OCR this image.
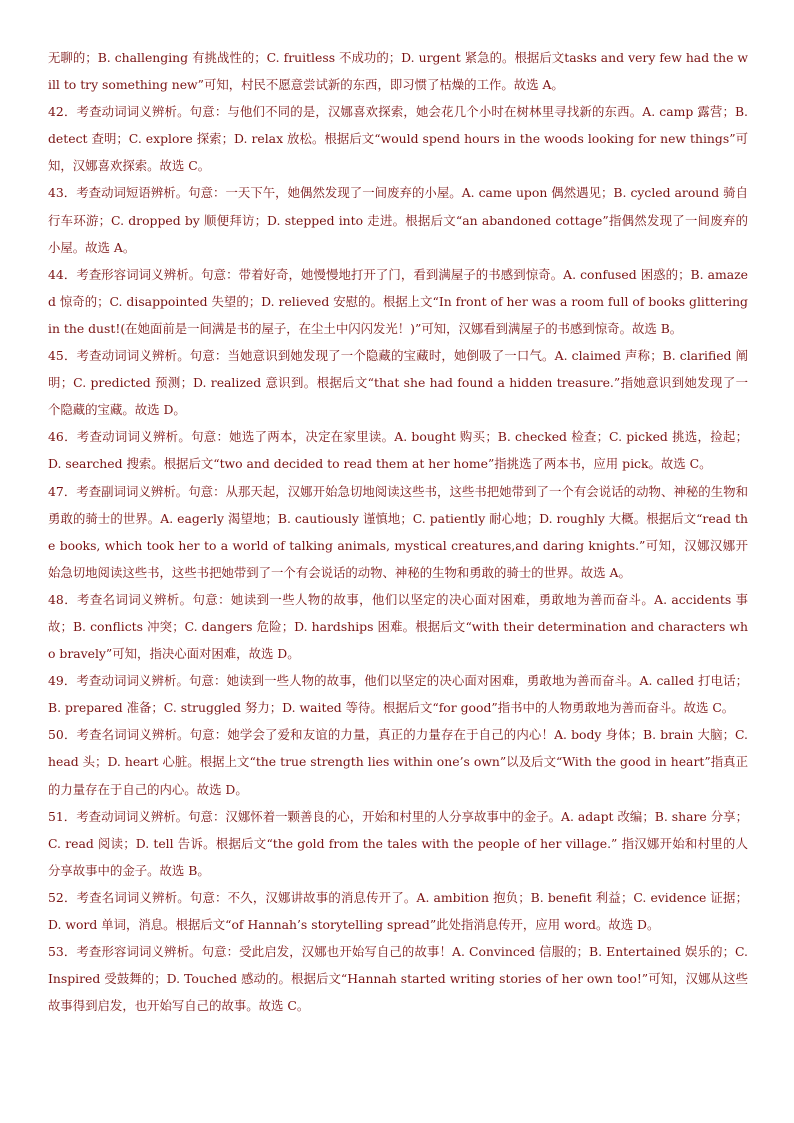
无聊的；B. challenging 有挑战性的；C. fruitless 不成功的；D. urgent 紧急的。根据后文tasks and very few had the will to try something new”可知，村民不愿意尝试新的东西，即习惯了枯燥的工作。故选 A。

42．考查动词词义辨析。句意：与他们不同的是，汉娜喜欢探索，她会花几个小时在树林里寻找新的东西。A. camp 露营；B. detect 查明；C. explore 探索；D. relax 放松。根据后文“would spend hours in the woods looking for new things”可知，汉娜喜欢探索。故选 C。

43．考查动词短语辨析。句意：一天下午，她偶然发现了一间废弃的小屋。A. came upon 偶然遇见；B. cycled around 骑自行车环游；C. dropped by 顺便拜访；D. stepped into 走进。根据后文“an abandoned cottage”指偶然发现了一间废弃的小屋。故选 A。

44．考查形容词词义辨析。句意：带着好奇，她慢慢地打开了门，看到满屋子的书感到惊奇。A. confused 困惑的；B. amazed 惊奇的；C. disappointed 失望的；D. relieved 安慰的。根据上文“In front of her was a room full of books glittering in the dust!(在她面前是一间满是书的屋子，在尘土中闪闪发光！)”可知，汉娜看到满屋子的书感到惊奇。故选 B。

45．考查动词词义辨析。句意：当她意识到她发现了一个隐藏的宝藏时，她倒吸了一口气。A. claimed 声称；B. clarified 阐明；C. predicted 预测；D. realized 意识到。根据后文“that she had found a hidden treasure.”指她意识到她发现了一个隐藏的宝藏。故选 D。

46．考查动词词义辨析。句意：她选了两本，决定在家里读。A. bought 购买；B. checked 检查；C. picked 挑选，捡起；D. searched 搜索。根据后文“two and decided to read them at her home”指挑选了两本书，应用 pick。故选 C。

47．考查副词词义辨析。句意：从那天起，汉娜开始急切地阅读这些书，这些书把她带到了一个有会说话的动物、神秘的生物和勇敢的骑士的世界。A. eagerly 渴望地；B. cautiously 谨慎地；C. patiently 耐心地；D. roughly 大概。根据后文“read the books, which took her to a world of talking animals, mystical creatures,and daring knights.”可知，汉娜汉娜开始急切地阅读这些书，这些书把她带到了一个有会说话的动物、神秘的生物和勇敢的骑士的世界。故选 A。

48．考查名词词义辨析。句意：她读到一些人物的故事，他们以坚定的决心面对困难，勇敢地为善而奋斗。A. accidents 事故；B. conflicts 冲突；C. dangers 危险；D. hardships 困难。根据后文“with their determination and characters who bravely”可知，指决心面对困难，故选 D。

49．考查动词词义辨析。句意：她读到一些人物的故事，他们以坚定的决心面对困难，勇敢地为善而奋斗。A. called 打电话；B. prepared 准备；C. struggled 努力；D. waited 等待。根据后文“for good”指书中的人物勇敢地为善而奋斗。故选 C。

50．考查名词词义辨析。句意：她学会了爱和友谊的力量，真正的力量存在于自己的内心！A. body 身体；B. brain 大脑；C. head 头；D. heart 心脏。根据上文“the true strength lies within one’s own”以及后文“With the good in heart”指真正的力量存在于自己的内心。故选 D。

51．考查动词词义辨析。句意：汉娜怀着一颗善良的心，开始和村里的人分享故事中的金子。A. adapt 改编；B. share 分享；C. read 阅读；D. tell 告诉。根据后文“the gold from the tales with the people of her village.” 指汉娜开始和村里的人分享故事中的金子。故选 B。

52．考查名词词义辨析。句意：不久，汉娜讲故事的消息传开了。A. ambition 抱负；B. benefit 利益；C. evidence 证据；D. word 单词，消息。根据后文“of Hannah’s storytelling spread”此处指消息传开，应用 word。故选 D。

53．考查形容词词义辨析。句意：受此启发，汉娜也开始写自己的故事！A. Convinced 信服的；B. Entertained 娱乐的；C. Inspired 受鼓舞的；D. Touched 感动的。根据后文“Hannah started writing stories of her own too!”可知，汉娜从这些故事得到启发，也开始写自己的故事。故选 C。
